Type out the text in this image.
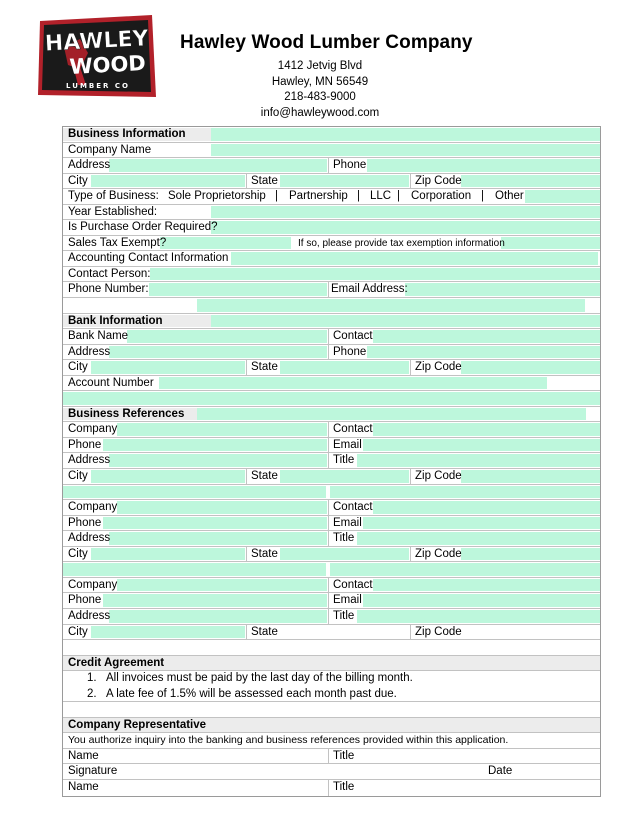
HAWLEY
WOOD
LUMBER CO
Hawley Wood Lumber Company
1412 Jetvig Blvd
Hawley, MN 56549
218-483-9000
info@hawleywood.com
Business Information
Company Name
Address	Phone
City	State	Zip Code
Type of Business: Sole Proprietorship | Partnership | LLC | Corporation | Other
Year Established:
Is Purchase Order Required?
Sales Tax Exempt?	If so, please provide tax exemption information
Accounting Contact Information
Contact Person:
Phone Number:	Email Address:
Bank Information
Bank Name	Contact
Address	Phone
City	State	Zip Code
Account Number
Business References
Company	Contact
Phone	Email
Address	Title
City	State	Zip Code
Company	Contact
Phone	Email
Address	Title
City	State	Zip Code
Company	Contact
Phone	Email
Address	Title
City	State	Zip Code
Credit Agreement
1. All invoices must be paid by the last day of the billing month.
2. A late fee of 1.5% will be assessed each month past due.
Company Representative
You authorize inquiry into the banking and business references provided within this application.
Name	Title
Signature	Date
Name	Title
